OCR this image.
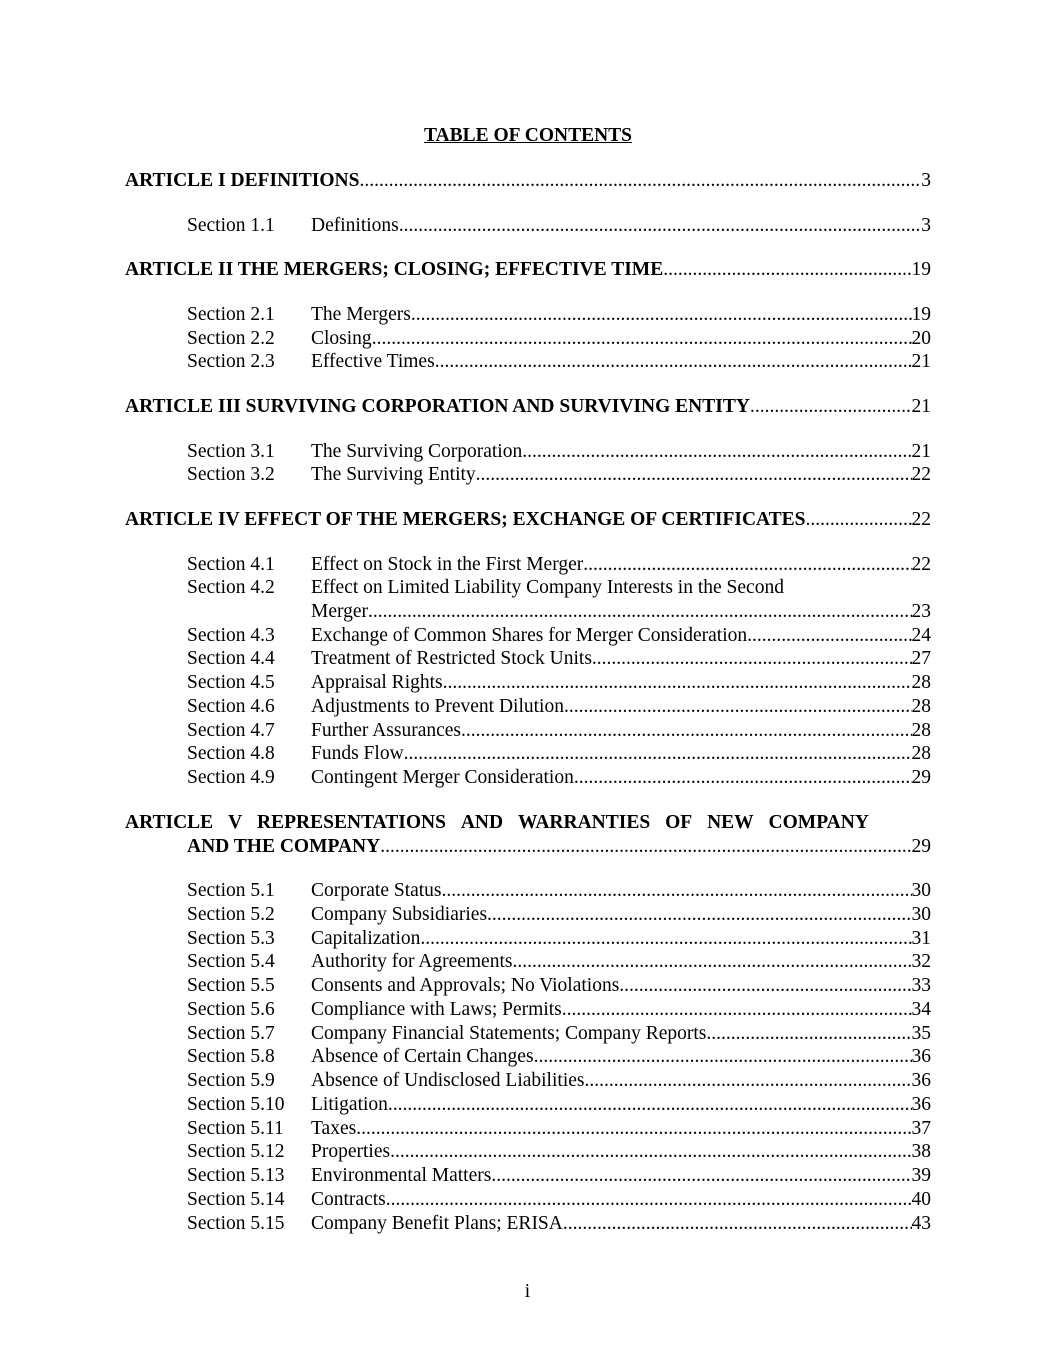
TABLE OF CONTENTS
ARTICLE I DEFINITIONS .....	3
Section 1.1	Definitions .....	3
ARTICLE II THE MERGERS; CLOSING; EFFECTIVE TIME .....	19
Section 2.1	The Mergers .....	19
Section 2.2	Closing .....	20
Section 2.3	Effective Times .....	21
ARTICLE III SURVIVING CORPORATION AND SURVIVING ENTITY .....	21
Section 3.1	The Surviving Corporation .....	21
Section 3.2	The Surviving Entity .....	22
ARTICLE IV EFFECT OF THE MERGERS; EXCHANGE OF CERTIFICATES .....	22
Section 4.1	Effect on Stock in the First Merger .....	22
Section 4.2	Effect on Limited Liability Company Interests in the Second
Merger .....	23
Section 4.3	Exchange of Common Shares for Merger Consideration .....	24
Section 4.4	Treatment of Restricted Stock Units .....	27
Section 4.5	Appraisal Rights .....	28
Section 4.6	Adjustments to Prevent Dilution .....	28
Section 4.7	Further Assurances .....	28
Section 4.8	Funds Flow .....	28
Section 4.9	Contingent Merger Consideration .....	29
ARTICLE V REPRESENTATIONS AND WARRANTIES OF NEW COMPANY
AND THE COMPANY .....	29
Section 5.1	Corporate Status .....	30
Section 5.2	Company Subsidiaries .....	30
Section 5.3	Capitalization .....	31
Section 5.4	Authority for Agreements .....	32
Section 5.5	Consents and Approvals; No Violations .....	33
Section 5.6	Compliance with Laws; Permits .....	34
Section 5.7	Company Financial Statements; Company Reports .....	35
Section 5.8	Absence of Certain Changes .....	36
Section 5.9	Absence of Undisclosed Liabilities .....	36
Section 5.10	Litigation .....	36
Section 5.11	Taxes .....	37
Section 5.12	Properties .....	38
Section 5.13	Environmental Matters .....	39
Section 5.14	Contracts .....	40
Section 5.15	Company Benefit Plans; ERISA .....	43
i
